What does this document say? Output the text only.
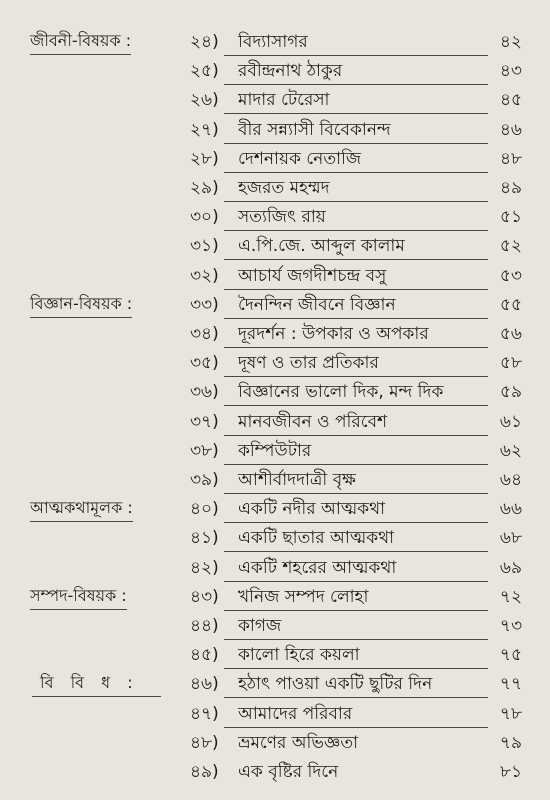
জীবনী-বিষয়ক :
বিজ্ঞান-বিষয়ক :
আত্মকথামূলক :
সম্পদ-বিষয়ক :
বি বি ধ :
২৪) বিদ্যাসাগর	৪২
২৫) রবীন্দ্রনাথ ঠাকুর	৪৩
২৬) মাদার টেরেসা	৪৫
২৭) বীর সন্ন্যাসী বিবেকানন্দ	৪৬
২৮) দেশনায়ক নেতাজি	৪৮
২৯) হজরত মহম্মদ	৪৯
৩০) সত্যজিৎ রায়	৫১
৩১) এ.পি.জে. আব্দুল কালাম	৫২
৩২) আচার্য জগদীশচন্দ্র বসু	৫৩
৩৩) দৈনন্দিন জীবনে বিজ্ঞান	৫৫
৩৪) দূরদর্শন : উপকার ও অপকার	৫৬
৩৫) দূষণ ও তার প্রতিকার	৫৮
৩৬) বিজ্ঞানের ভালো দিক, মন্দ দিক	৫৯
৩৭) মানবজীবন ও পরিবেশ	৬১
৩৮) কম্পিউটার	৬২
৩৯) আশীর্বাদদাত্রী বৃক্ষ	৬৪
৪০) একটি নদীর আত্মকথা	৬৬
৪১) একটি ছাতার আত্মকথা	৬৮
৪২) একটি শহরের আত্মকথা	৬৯
৪৩) খনিজ সম্পদ লোহা	৭২
৪৪) কাগজ	৭৩
৪৫) কালো হিরে কয়লা	৭৫
৪৬) হঠাৎ পাওয়া একটি ছুটির দিন	৭৭
৪৭) আমাদের পরিবার	৭৮
৪৮) ভ্রমণের অভিজ্ঞতা	৭৯
৪৯) এক বৃষ্টির দিনে	৮১
